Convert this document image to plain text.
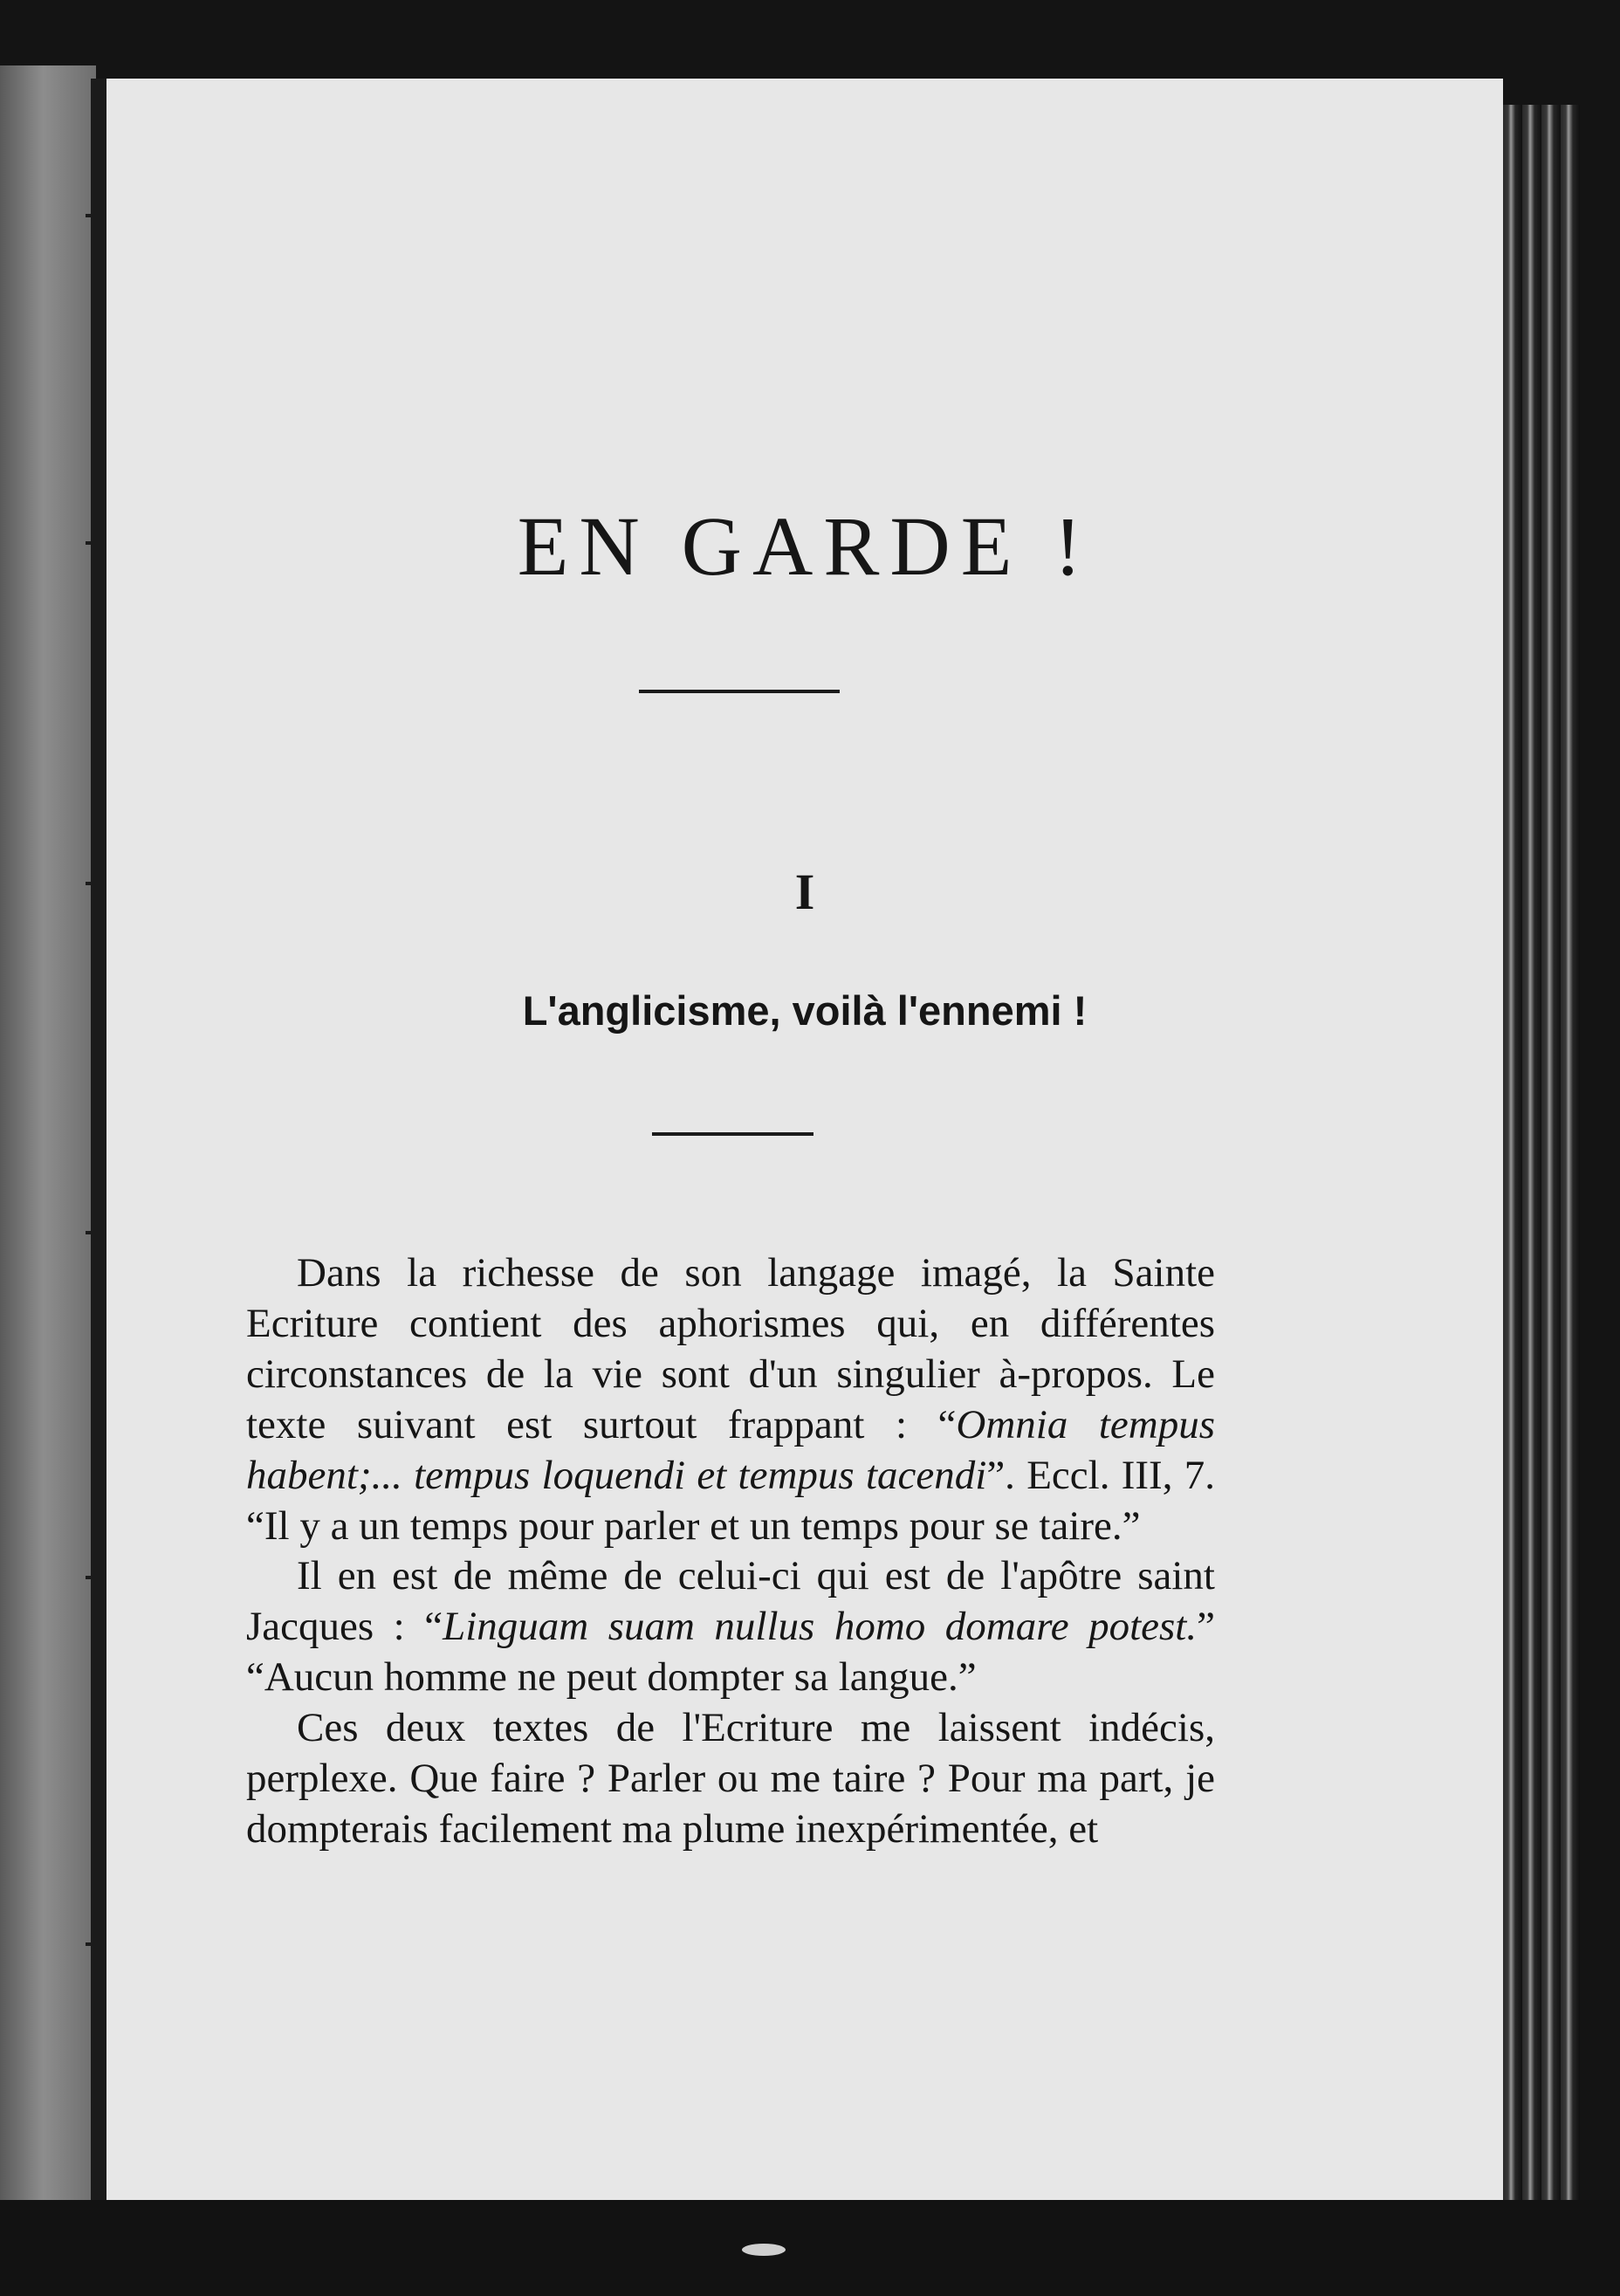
EN GARDE !
I
L'anglicisme, voilà l'ennemi !

Dans la richesse de son langage imagé, la Sainte Ecriture contient des aphorismes qui, en différentes circonstances de la vie sont d'un singulier à-propos. Le texte suivant est surtout frappant : “Omnia tempus habent;... tempus loquendi et tempus tacendi”. Eccl. III, 7. “Il y a un temps pour parler et un temps pour se taire.”

Il en est de même de celui-ci qui est de l'apôtre saint Jacques : “Linguam suam nullus homo domare potest.” “Aucun homme ne peut dompter sa langue.”

Ces deux textes de l'Ecriture me laissent indécis, perplexe. Que faire ? Parler ou me taire ? Pour ma part, je dompterais facilement ma plume inexpérimentée, et
